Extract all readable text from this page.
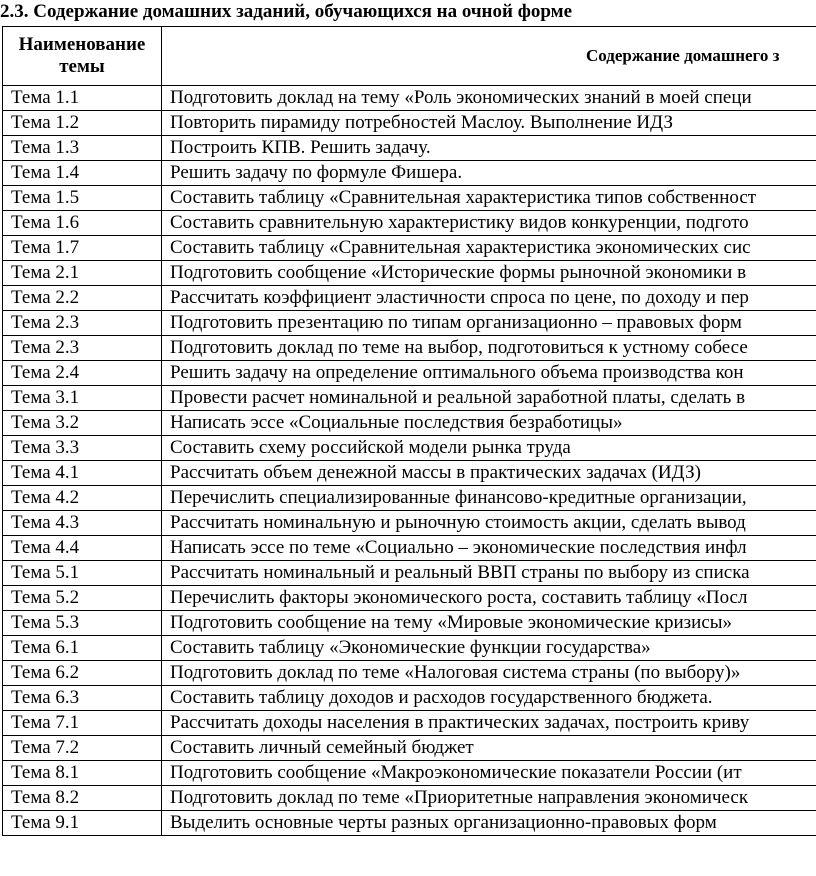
2.3. Содержание домашних заданий, обучающихся на очной форме
Наименование темы	Содержание домашнего з
Тема 1.1	Подготовить доклад на тему «Роль экономических знаний в моей специ
Тема 1.2	Повторить пирамиду потребностей Маслоу. Выполнение ИДЗ
Тема 1.3	Построить КПВ. Решить задачу.
Тема 1.4	Решить задачу по формуле Фишера.
Тема 1.5	Составить таблицу «Сравнительная характеристика типов собственност
Тема 1.6	Составить сравнительную характеристику видов конкуренции, подгото
Тема 1.7	Составить таблицу «Сравнительная характеристика экономических сис
Тема 2.1	Подготовить сообщение «Исторические формы рыночной экономики в
Тема 2.2	Рассчитать коэффициент эластичности спроса по цене, по доходу и пер
Тема 2.3	Подготовить презентацию по типам организационно – правовых форм
Тема 2.3	Подготовить доклад по теме на выбор, подготовиться к устному собесе
Тема 2.4	Решить задачу на определение оптимального объема производства кон
Тема 3.1	Провести расчет номинальной и реальной заработной платы, сделать в
Тема 3.2	Написать эссе «Социальные последствия безработицы»
Тема 3.3	Составить схему российской модели рынка труда
Тема 4.1	Рассчитать объем денежной массы в практических задачах (ИДЗ)
Тема 4.2	Перечислить специализированные финансово-кредитные организации,
Тема 4.3	Рассчитать номинальную и рыночную стоимость акции, сделать вывод
Тема 4.4	Написать эссе по теме «Социально – экономические последствия инфл
Тема 5.1	Рассчитать номинальный и реальный ВВП страны по выбору из списка
Тема 5.2	Перечислить факторы экономического роста, составить таблицу «Посл
Тема 5.3	Подготовить сообщение на тему «Мировые экономические кризисы»
Тема 6.1	Составить таблицу «Экономические функции государства»
Тема 6.2	Подготовить доклад по теме «Налоговая система страны (по выбору)»
Тема 6.3	Составить таблицу доходов и расходов государственного бюджета.
Тема 7.1	Рассчитать доходы населения в практических задачах, построить криву
Тема 7.2	Составить личный семейный бюджет
Тема 8.1	Подготовить сообщение «Макроэкономические показатели России (ит
Тема 8.2	Подготовить доклад по теме «Приоритетные направления экономическ
Тема 9.1	Выделить основные черты разных организационно-правовых форм
